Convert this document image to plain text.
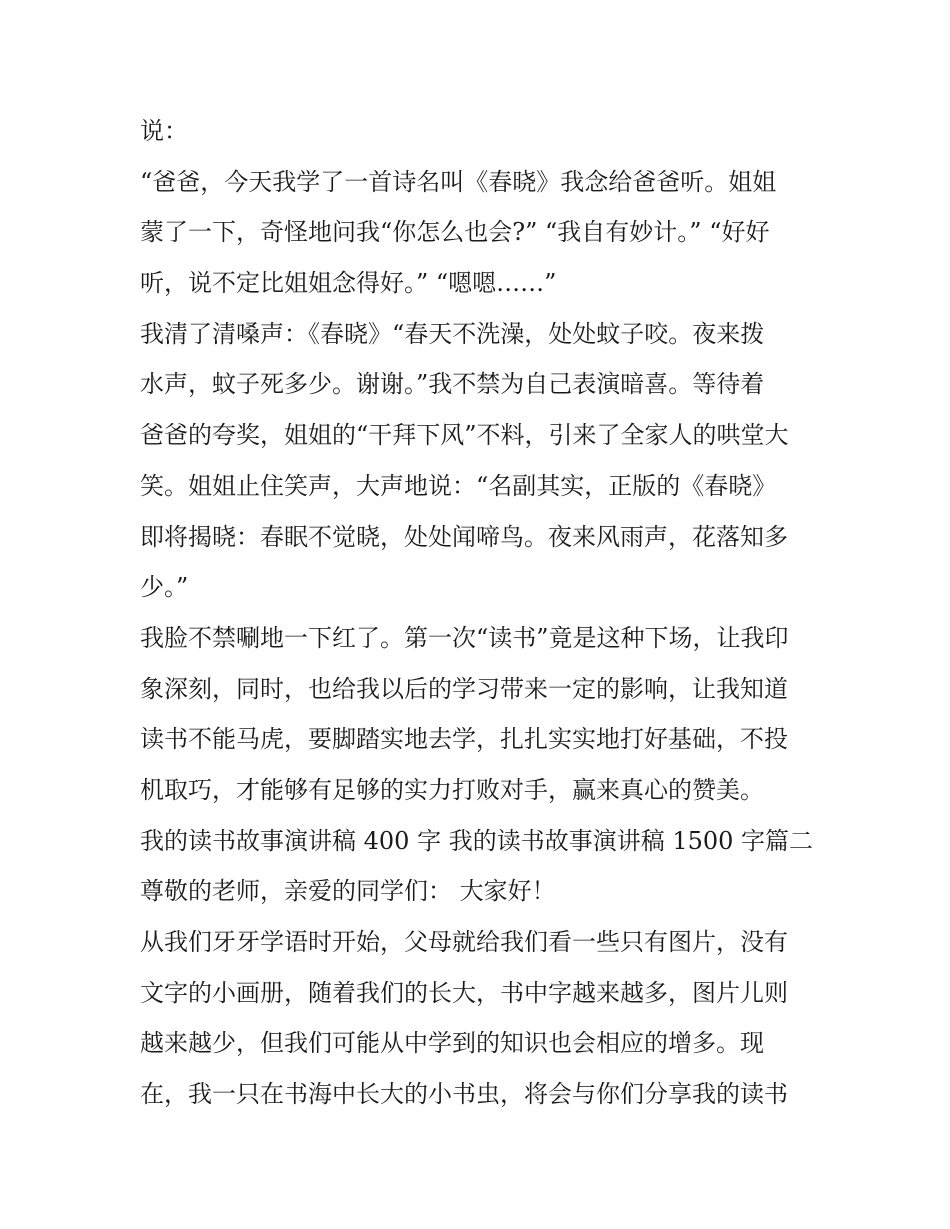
说：
“爸爸，今天我学了一首诗名叫《春晓》我念给爸爸听。姐姐
蒙了一下，奇怪地问我“你怎么也会?” “我自有妙计。” “好好
听，说不定比姐姐念得好。” “嗯嗯……”
我清了清嗓声：《春晓》“春天不洗澡，处处蚊子咬。夜来拨
水声，蚊子死多少。谢谢。”我不禁为自己表演暗喜。等待着
爸爸的夸奖，姐姐的“干拜下风”不料，引来了全家人的哄堂大
笑。姐姐止住笑声，大声地说：“名副其实，正版的《春晓》
即将揭晓：春眠不觉晓，处处闻啼鸟。夜来风雨声，花落知多
少。”
我脸不禁唰地一下红了。第一次“读书”竟是这种下场，让我印
象深刻，同时，也给我以后的学习带来一定的影响，让我知道
读书不能马虎，要脚踏实地去学，扎扎实实地打好基础，不投
机取巧，才能够有足够的实力打败对手，赢来真心的赞美。
我的读书故事演讲稿 400 字 我的读书故事演讲稿 1500 字篇二
尊敬的老师，亲爱的同学们： 大家好！
从我们牙牙学语时开始，父母就给我们看一些只有图片，没有
文字的小画册，随着我们的长大，书中字越来越多，图片儿则
越来越少，但我们可能从中学到的知识也会相应的增多。现
在，我一只在书海中长大的小书虫，将会与你们分享我的读书
